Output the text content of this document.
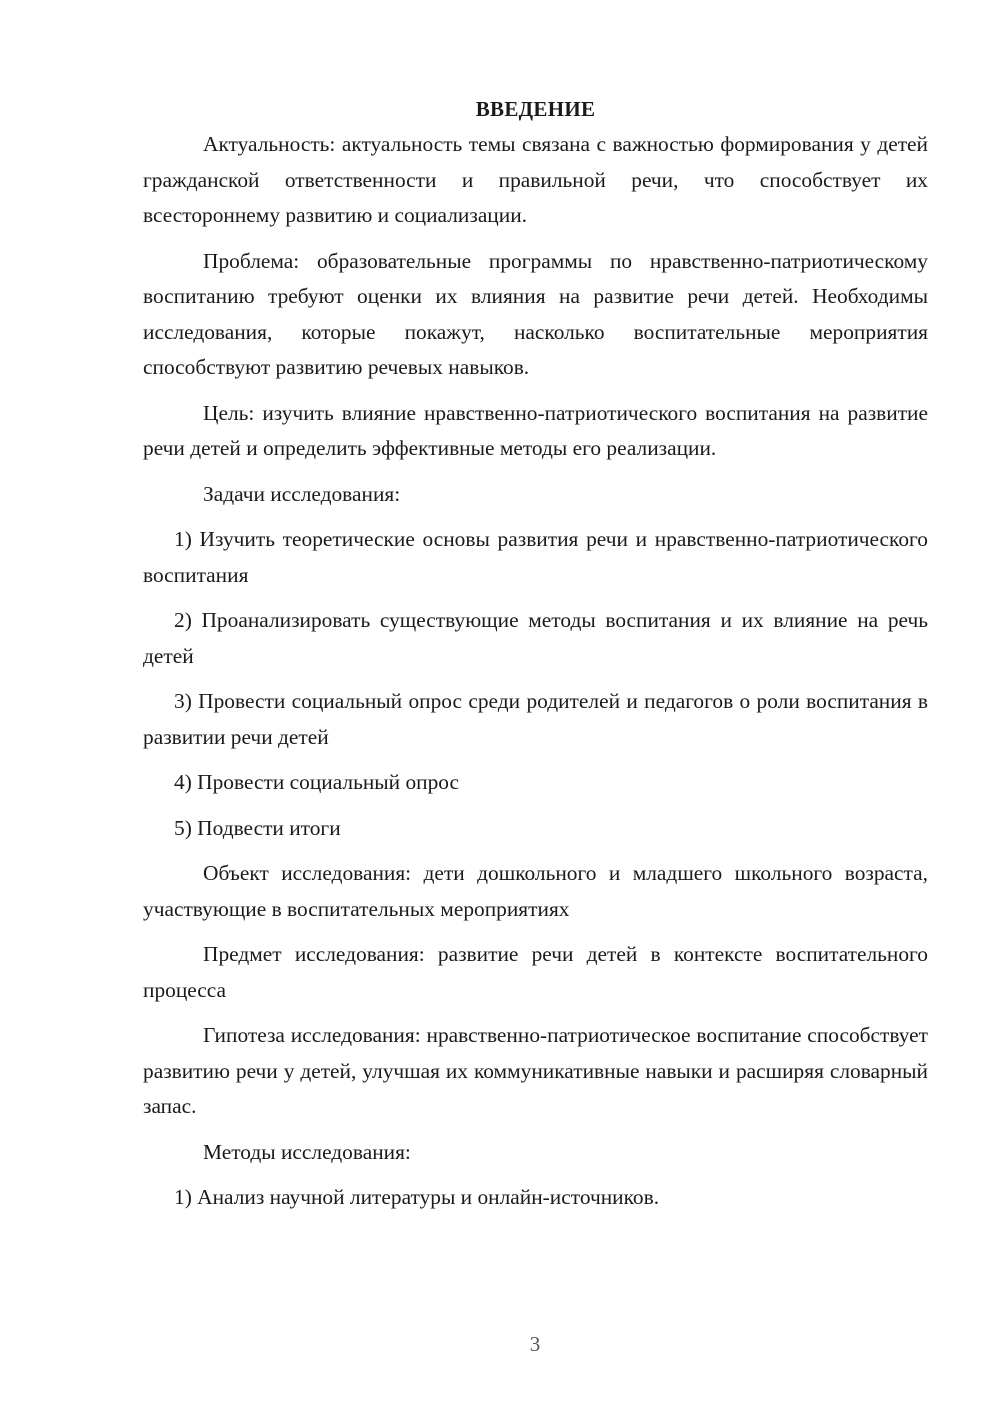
ВВЕДЕНИЕ

Актуальность: актуальность темы связана с важностью формирования у детей гражданской ответственности и правильной речи, что способствует их всестороннему развитию и социализации.

Проблема: образовательные программы по нравственно-патриотическому воспитанию требуют оценки их влияния на развитие речи детей. Необходимы исследования, которые покажут, насколько воспитательные мероприятия способствуют развитию речевых навыков.

Цель: изучить влияние нравственно-патриотического воспитания на развитие речи детей и определить эффективные методы его реализации.

Задачи исследования:

1) Изучить теоретические основы развития речи и нравственно-патриотического воспитания

2) Проанализировать существующие методы воспитания и их влияние на речь детей

3) Провести социальный опрос среди родителей и педагогов о роли воспитания в развитии речи детей

4) Провести социальный опрос

5) Подвести итоги

Объект исследования: дети дошкольного и младшего школьного возраста, участвующие в воспитательных мероприятиях

Предмет исследования: развитие речи детей в контексте воспитательного процесса

Гипотеза исследования: нравственно-патриотическое воспитание способствует развитию речи у детей, улучшая их коммуникативные навыки и расширяя словарный запас.

Методы исследования:

1) Анализ научной литературы и онлайн-источников.

3
